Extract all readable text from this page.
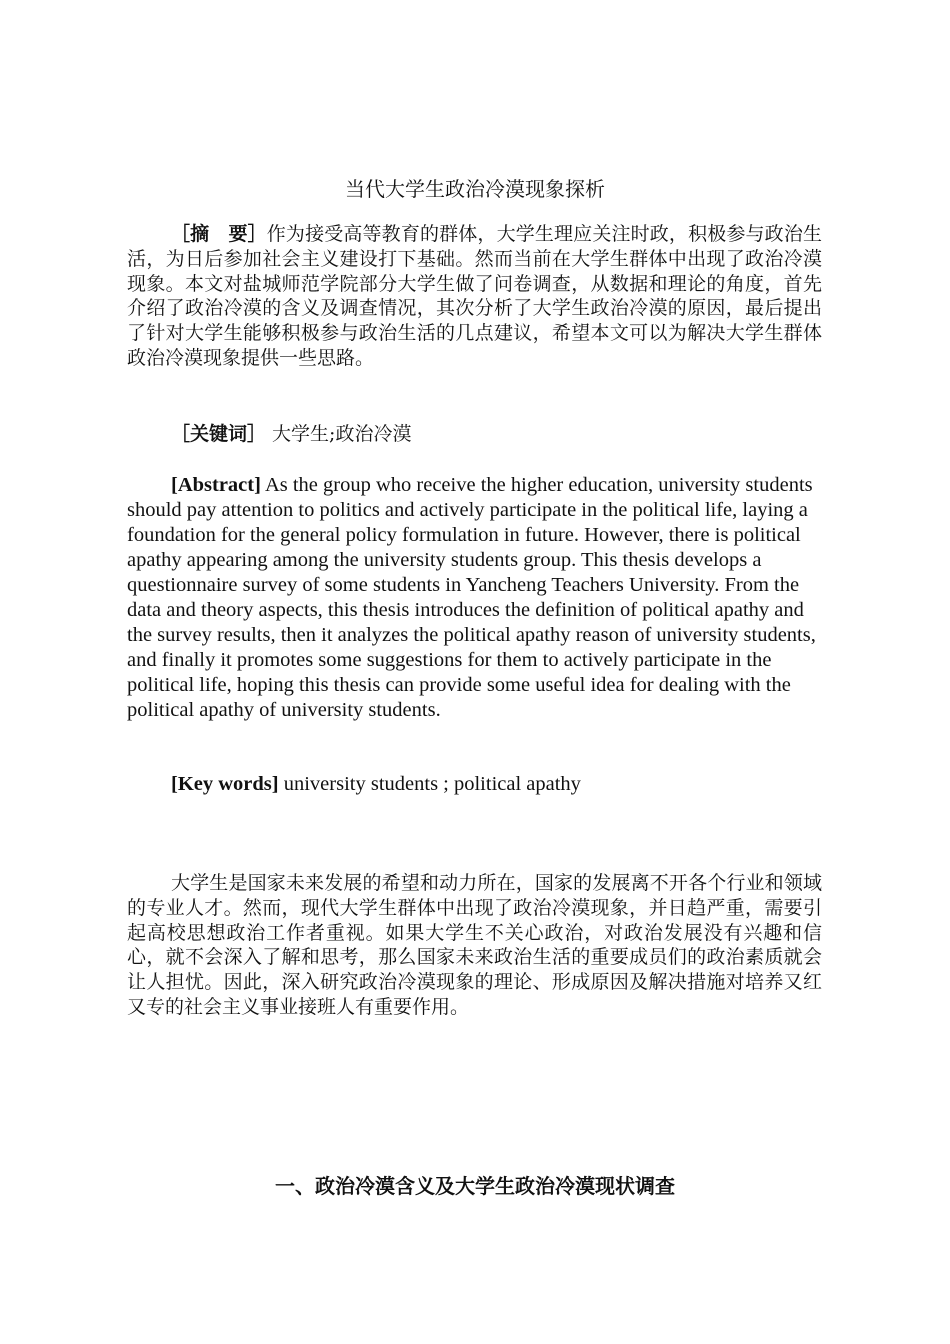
当代大学生政治冷漠现象探析
［摘　要］作为接受高等教育的群体，大学生理应关注时政，积极参与政治生活，为日后参加社会主义建设打下基础。然而当前在大学生群体中出现了政治冷漠现象。本文对盐城师范学院部分大学生做了问卷调查，从数据和理论的角度，首先介绍了政治冷漠的含义及调查情况，其次分析了大学生政治冷漠的原因，最后提出了针对大学生能够积极参与政治生活的几点建议，希望本文可以为解决大学生群体政治冷漠现象提供一些思路。
［关键词］ 大学生;政治冷漠
[Abstract] As the group who receive the higher education, university students should pay attention to politics and actively participate in the political life, laying a foundation for the general policy formulation in future. However, there is political apathy appearing among the university students group. This thesis develops a questionnaire survey of some students in Yancheng Teachers University. From the data and theory aspects, this thesis introduces the definition of political apathy and the survey results, then it analyzes the political apathy reason of university students, and finally it promotes some suggestions for them to actively participate in the political life, hoping this thesis can provide some useful idea for dealing with the political apathy of university students.
[Key words] university students ; political apathy
大学生是国家未来发展的希望和动力所在，国家的发展离不开各个行业和领域的专业人才。然而，现代大学生群体中出现了政治冷漠现象，并日趋严重，需要引起高校思想政治工作者重视。如果大学生不关心政治，对政治发展没有兴趣和信心，就不会深入了解和思考，那么国家未来政治生活的重要成员们的政治素质就会让人担忧。因此，深入研究政治冷漠现象的理论、形成原因及解决措施对培养又红又专的社会主义事业接班人有重要作用。
一、政治冷漠含义及大学生政治冷漠现状调查
